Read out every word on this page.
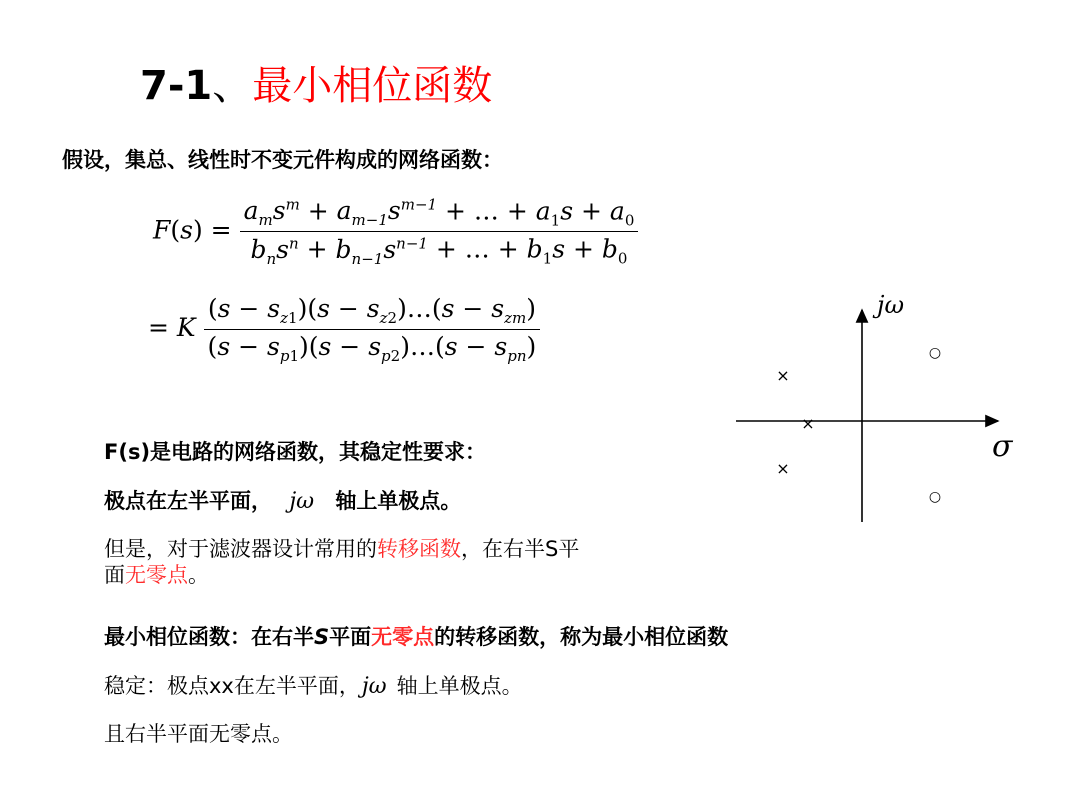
7-1、最小相位函数
假设，集总、线性时不变元件构成的网络函数：
$F(s) = \frac{a_ms^m + a_{m-1}s^{m-1} + \dots + a_1s + a_0}{b_ns^n + b_{n-1}s^{n-1} + \dots + b_1s + b_0}$
= K $\frac{(s - s_{z1})(s - s_{z2})\dots(s - s_{zm})}{(s - s_{p1})(s - s_{p2})\dots(s - s_{pn})}$	jω
σ
×
×
×
○
○
F(s)是电路的网络函数，其稳定性要求：
极点在左半平面， jω 轴上单极点。
但是，对于滤波器设计常用的转移函数，在右半S平
面无零点。
最小相位函数：在右半S平面无零点的转移函数，称为最小相位函数
稳定：极点xx在左半平面，jω 轴上单极点。
且右半平面无零点。
